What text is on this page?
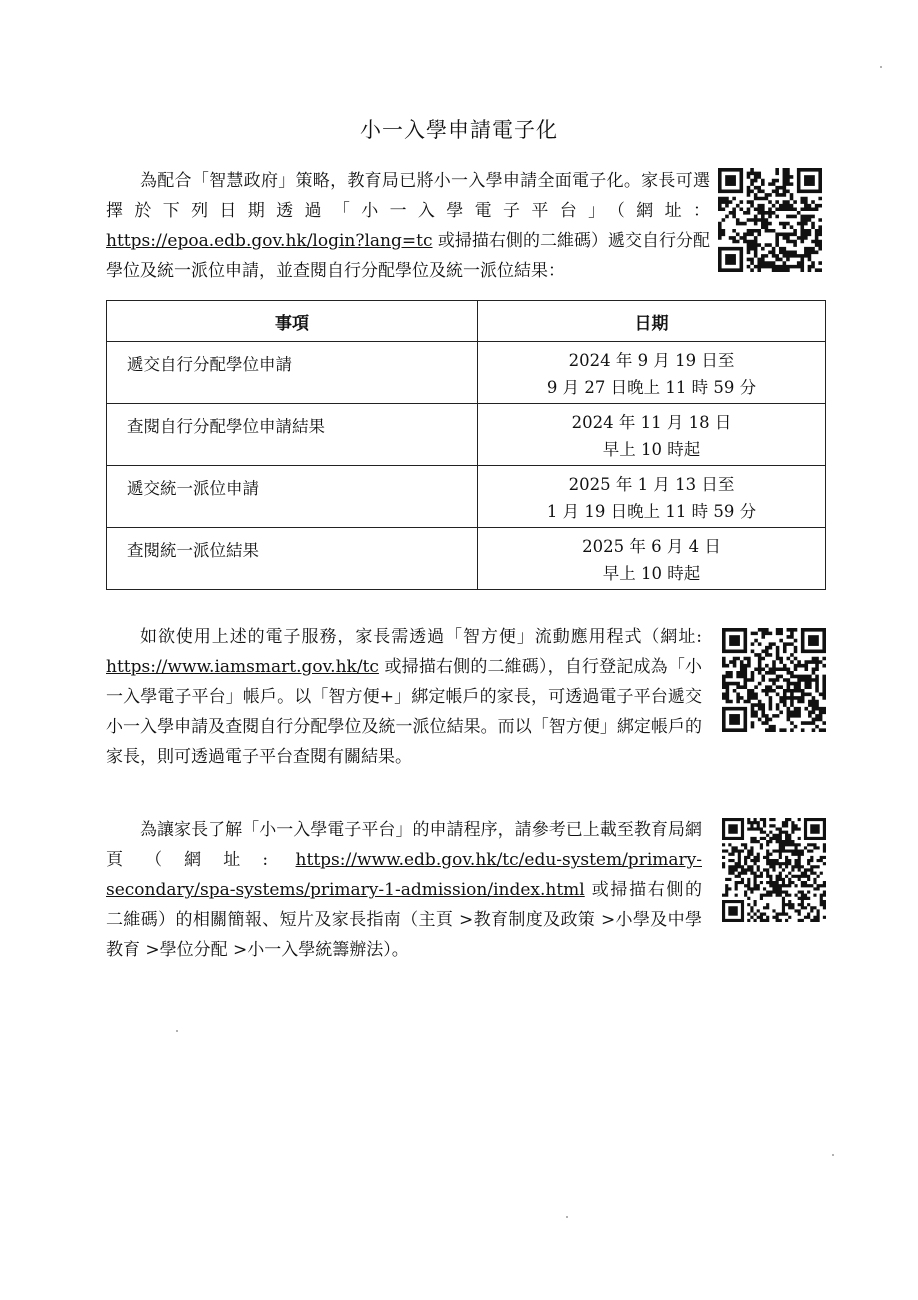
小一入學申請電子化
為配合「智慧政府」策略，教育局已將小一入學申請全面電子化。家長可選擇於下列日期透過「小一入學電子平台」（網址：https://epoa.edb.gov.hk/login?lang=tc 或掃描右側的二維碼）遞交自行分配學位及統一派位申請，並查閱自行分配學位及統一派位結果：
事項	日期
遞交自行分配學位申請	2024 年 9 月 19 日至
9 月 27 日晚上 11 時 59 分

查閱自行分配學位申請結果	2024 年 11 月 18 日
早上 10 時起

遞交統一派位申請	2025 年 1 月 13 日至
1 月 19 日晚上 11 時 59 分

查閱統一派位結果	2025 年 6 月 4 日
早上 10 時起
如欲使用上述的電子服務，家長需透過「智方便」流動應用程式（網址: https://www.iamsmart.gov.hk/tc 或掃描右側的二維碼），自行登記成為「小一入學電子平台」帳戶。以「智方便+」綁定帳戶的家長，可透過電子平台遞交小一入學申請及查閱自行分配學位及統一派位結果。而以「智方便」綁定帳戶的家長，則可透過電子平台查閱有關結果。
為讓家長了解「小一入學電子平台」的申請程序，請參考已上載至教育局網頁（網址: https://www.edb.gov.hk/tc/edu-system/primary-secondary/spa-systems/primary-1-admission/index.html 或掃描右側的二維碼）的相關簡報、短片及家長指南（主頁 >教育制度及政策 >小學及中學教育 >學位分配 >小一入學統籌辦法）。
